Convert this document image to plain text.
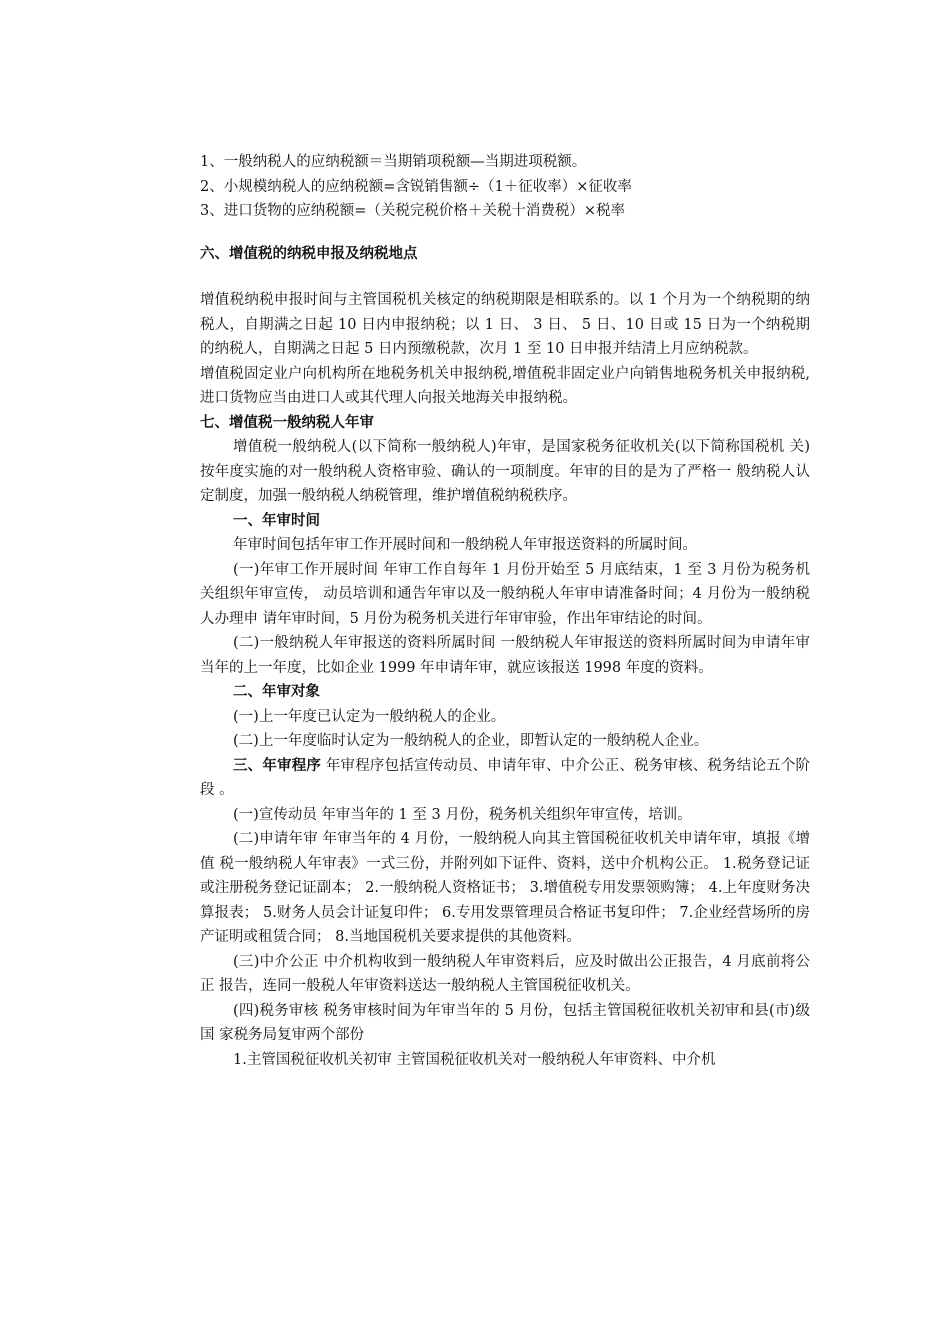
1、一般纳税人的应纳税额＝当期销项税额—当期进项税额。

2、小规模纳税人的应纳税额=含锐销售额÷（1＋征收率）×征收率

3、进口货物的应纳税额=（关税完税价格＋关税十消费税）×税率

六、增值税的纳税申报及纳税地点

增值税纳税申报时间与主管国税机关核定的纳税期限是相联系的。以 1 个月为一个纳税期的纳税人，自期满之日起 10 日内申报纳税；以 1 日、 3 日、 5 日、10 日或 15 日为一个纳税期的纳税人，自期满之日起 5 日内预缴税款，次月 1 至 10 日申报并结清上月应纳税款。

增值税固定业户向机构所在地税务机关申报纳税,增值税非固定业户向销售地税务机关申报纳税,进口货物应当由进口人或其代理人向报关地海关申报纳税。

七、增值税一般纳税人年审

增值税一般纳税人(以下简称一般纳税人)年审，是国家税务征收机关(以下简称国税机 关)按年度实施的对一般纳税人资格审验、确认的一项制度。年审的目的是为了严格一 般纳税人认定制度，加强一般纳税人纳税管理，维护增值税纳税秩序。

一、年审时间

年审时间包括年审工作开展时间和一般纳税人年审报送资料的所属时间。

(一)年审工作开展时间 年审工作自每年 1 月份开始至 5 月底结束，1 至 3 月份为税务机关组织年审宣传， 动员培训和通告年审以及一般纳税人年审申请准备时间；4 月份为一般纳税人办理申 请年审时间，5 月份为税务机关进行年审审验，作出年审结论的时间。

(二)一般纳税人年审报送的资料所属时间 一般纳税人年审报送的资料所属时间为申请年审当年的上一年度，比如企业 1999 年申请年审，就应该报送 1998 年度的资料。

二、年审对象

(一)上一年度已认定为一般纳税人的企业。

(二)上一年度临时认定为一般纳税人的企业，即暂认定的一般纳税人企业。

三、年审程序 年审程序包括宣传动员、申请年审、中介公正、税务审核、税务结论五个阶段 。

(一)宣传动员 年审当年的 1 至 3 月份，税务机关组织年审宣传，培训。

(二)申请年审 年审当年的 4 月份，一般纳税人向其主管国税征收机关申请年审，填报《增值 税一般纳税人年审表》一式三份，并附列如下证件、资料，送中介机构公正。 1.税务登记证或注册税务登记证副本； 2.一般纳税人资格证书； 3.增值税专用发票领购簿； 4.上年度财务决算报表； 5.财务人员会计证复印件； 6.专用发票管理员合格证书复印件； 7.企业经营场所的房产证明或租赁合同； 8.当地国税机关要求提供的其他资料。

(三)中介公正 中介机构收到一般纳税人年审资料后，应及时做出公正报告，4 月底前将公正 报告，连同一般税人年审资料送达一般纳税人主管国税征收机关。

(四)税务审核 税务审核时间为年审当年的 5 月份，包括主管国税征收机关初审和县(市)级国 家税务局复审两个部份

1.主管国税征收机关初审 主管国税征收机关对一般纳税人年审资料、中介机
